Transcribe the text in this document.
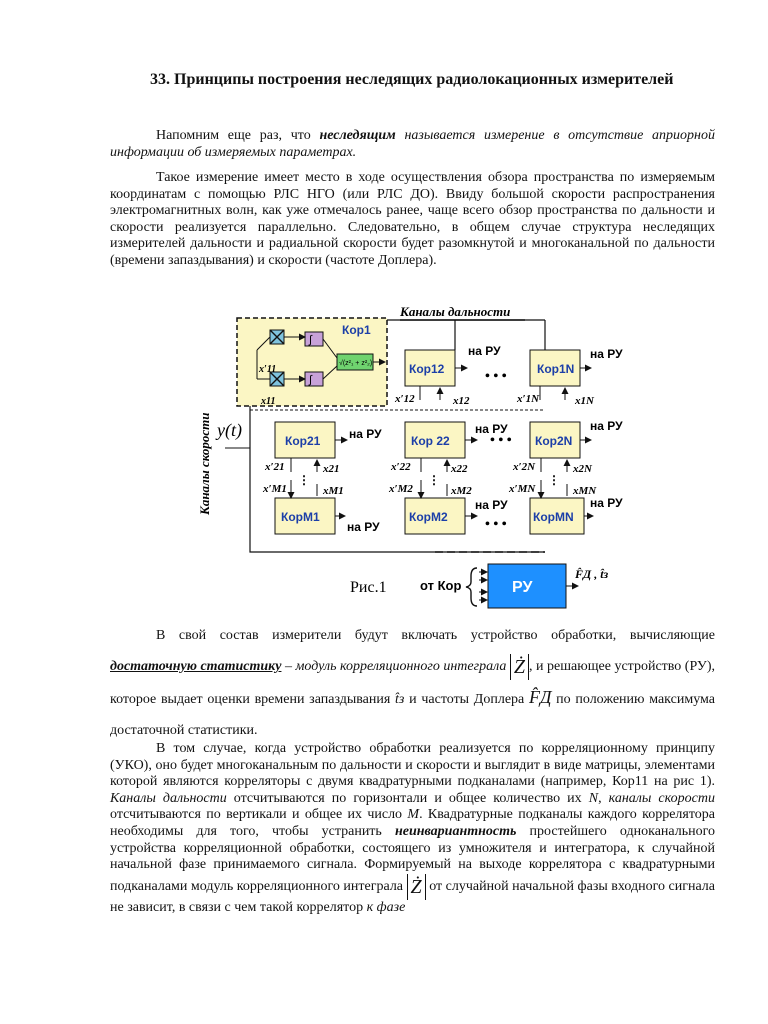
33. Принципы построения неследящих радиолокационных измерителей
Напомним еще раз, что неследящим называется измерение в отсутствие априорной информации об измеряемых параметрах.
Такое измерение имеет место в ходе осуществления обзора пространства по измеряемым координатам с помощью РЛС НГО (или РЛС ДО). Ввиду большой скорости распространения электромагнитных волн, как уже отмечалось ранее, чаще всего обзор пространства по дальности и скорости реализуется параллельно. Следовательно, в общем случае структура неследящих измерителей дальности и радиальной скорости будет разомкнутой и многоканальной по дальности (времени запаздывания) и скорости (частоте Доплера).
Каналы дальности
Каналы скорости y(t)
∫
∫
√(z²₁ + z²₂)
Кор1
x′11
x11
Кор12	Кор1N
Кор21	Кор 22	Кор2N
КорМ1	КорМ2	КорМN
на РУ	на РУ
на РУ	на РУ	на РУ
на РУ
на РУ	на РУ
• • •
• • •
• • •
x′12	x12	x′1N	x1N
x′21	x21	x′22	x22	x′2N	x2N
x′M1	xM1	x′M2	xM2	x′MN	xMN
⋮	⋮	⋮
Рис.1	от Кор	РУ
F̂Д , t̂з
В свой состав измерители будут включать устройство обработки, вычисляющие достаточную статистику – модуль корреляционного интеграла Ż , и решающее устройство (РУ), которое выдает оценки времени запаздывания t̂з и частоты Доплера F̂Д по положению максимума достаточной статистики.
В том случае, когда устройство обработки реализуется по корреляционному принципу (УКО), оно будет многоканальным по дальности и скорости и выглядит в виде матрицы, элементами которой являются корреляторы с двумя квадратурными подканалами (например, Кор11 на рис 1). Каналы дальности отсчитываются по горизонтали и общее количество их N, каналы скорости отсчитываются по вертикали и общее их число M. Квадратурные подканалы каждого коррелятора необходимы для того, чтобы устранить неинвариантность простейшего одноканального устройства корреляционной обработки, состоящего из умножителя и интегратора, к случайной начальной фазе принимаемого сигнала. Формируемый на выходе коррелятора с квадратурными подканалами модуль корреляционного интеграла Ż от случайной начальной фазы входного сигнала не зависит, в связи с чем такой коррелятор к фазе
